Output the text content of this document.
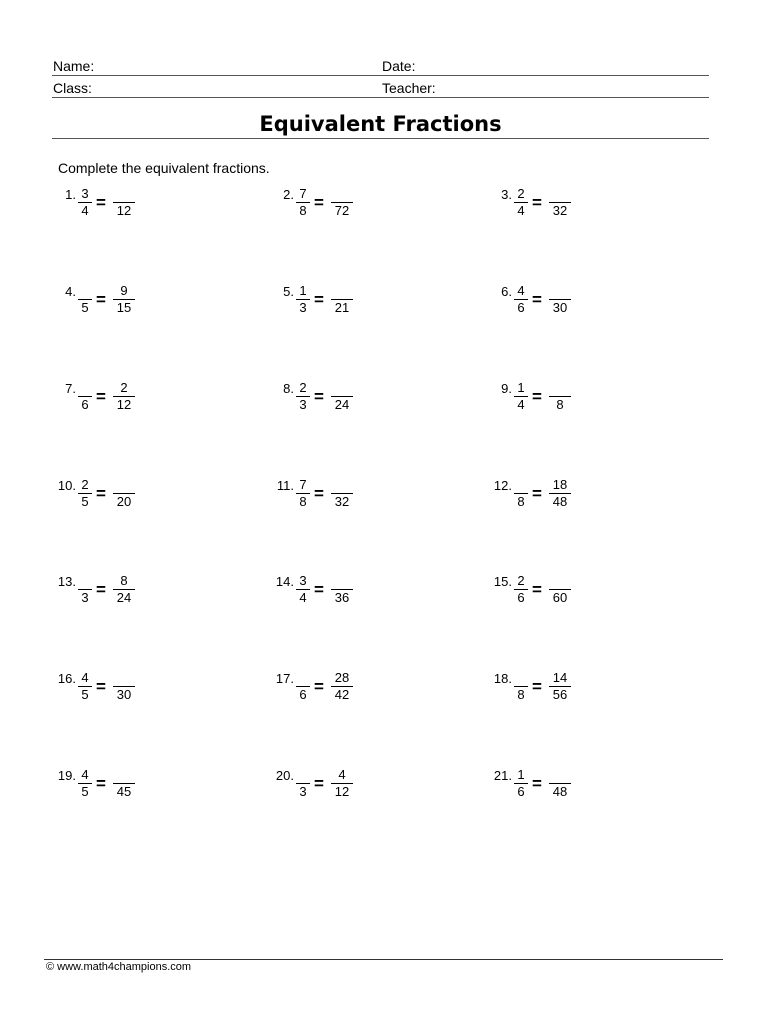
Name:	Date:
Class:	Teacher:
Equivalent Fractions
Complete the equivalent fractions.
1. $\frac{3}{4} = 12$
2. $\frac{7}{8} = 72$
3. $\frac{2}{4} = 32$
4.
$5 = \frac{9}{15}$	5. $\frac{1}{3} = 21$
6. $\frac{4}{6} = 30$
7.
$6 = \frac{2}{12}$	8. $\frac{2}{3} = 24$
9. $\frac{1}{4}$ =	8
10. $\frac{2}{5} = 20$
11. $\frac{7}{8} = 32$
12.
$8 = \frac{18}{48}$
13.
$3 = \frac{8}{24}$	14. $\frac{3}{4} = 36$
15. $\frac{2}{6} = 60$
16. $\frac{4}{5} = 30$
17.
$6 = \frac{28}{42}$	18.
$8 = \frac{14}{56}$
19. $\frac{4}{5} = 45$
20.
$3 = \frac{4}{12}$	21. $\frac{1}{6} = 48$
© www.math4champions.com
